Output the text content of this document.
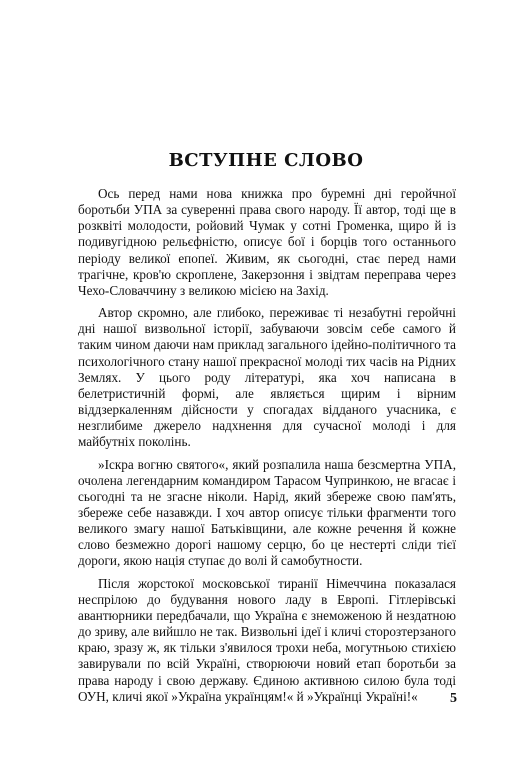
ВСТУПНЕ СЛОВО

Ось перед нами нова книжка про буремні дні геройчної боротьби УПА за суверенні права свого народу. Її автор, тоді ще в розквіті молодости, ройовий Чумак у сотні Громенка, щиро й із подивугідною рельєфністю, описує бої і борців того останнього періоду великої епопеї. Живим, як сьогодні, стає перед нами трагічне, кров'ю скроплене, Закерзоння і звідтам переправа через Чехо-Словаччину з великою місією на Захід.

Автор скромно, але глибоко, переживає ті незабутні геройчні дні нашої визвольної історії, забуваючи зовсім себе самого й таким чином даючи нам приклад загального ідейно-політичного та психологічного стану нашої прекрасної молоді тих часів на Рідних Землях. У цього роду літературі, яка хоч написана в белетристичній формі, але являється щирим і вірним віддзеркаленням дійсности у спогадах відданого учасника, є незглибиме джерело надхнення для сучасної молоді і для майбутніх поколінь.

»Іскра вогню святого«, який розпалила наша безсмертна УПА, очолена легендарним командиром Тарасом Чупринкою, не вгасає і сьогодні та не згасне ніколи. Нарід, який збереже свою пам'ять, збереже себе назавжди. І хоч автор описує тільки фрагменти того великого змагу нашої Батьківщини, але кожне речення й кожне слово безмежно дорогі нашому серцю, бо це нестерті сліди тієї дороги, якою нація ступає до волі й самобутности.

Після жорстокої московської тиранії Німеччина показалася неспрілою до будування нового ладу в Европі. Гітлерівські авантюрники передбачали, що Україна є знеможеною й нездатною до зриву, але вийшло не так. Визвольні ідеї і кличі сторозтерзаного краю, зразу ж, як тільки з'явилося трохи неба, могутньою стихією завирували по всій Україні, створюючи новий етап боротьби за права народу і свою державу. Єдиною активною силою була тоді ОУН, кличі якої »Україна українцям!« й »Українці Україні!«	5
